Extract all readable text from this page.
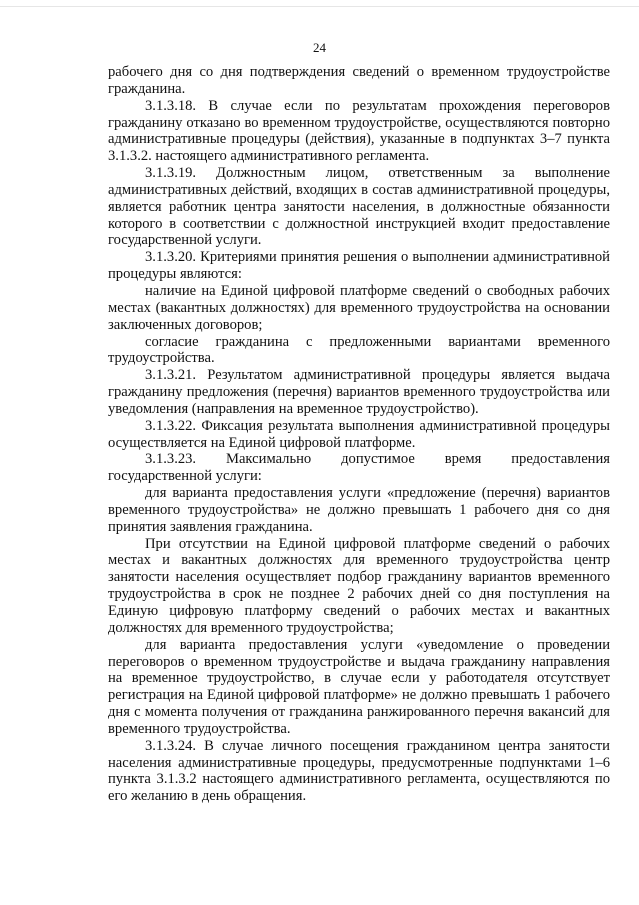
24

рабочего дня со дня подтверждения сведений о временном трудоустройстве гражданина.

3.1.3.18. В случае если по результатам прохождения переговоров гражданину отказано во временном трудоустройстве, осуществляются повторно административные процедуры (действия), указанные в подпунктах 3–7 пункта 3.1.3.2. настоящего административного регламента.

3.1.3.19. Должностным лицом, ответственным за выполнение административных действий, входящих в состав административной процедуры, является работник центра занятости населения, в должностные обязанности которого в соответствии с должностной инструкцией входит предоставление государственной услуги.

3.1.3.20. Критериями принятия решения о выполнении административной процедуры являются:

наличие на Единой цифровой платформе сведений о свободных рабочих местах (вакантных должностях) для временного трудоустройства на основании заключенных договоров;

согласие гражданина с предложенными вариантами временного трудоустройства.

3.1.3.21. Результатом административной процедуры является выдача гражданину предложения (перечня) вариантов временного трудоустройства или уведомления (направления на временное трудоустройство).

3.1.3.22. Фиксация результата выполнения административной процедуры осуществляется на Единой цифровой платформе.

3.1.3.23. Максимально допустимое время предоставления государственной услуги:

для варианта предоставления услуги «предложение (перечня) вариантов временного трудоустройства» не должно превышать 1 рабочего дня со дня принятия заявления гражданина.

При отсутствии на Единой цифровой платформе сведений о рабочих местах и вакантных должностях для временного трудоустройства центр занятости населения осуществляет подбор гражданину вариантов временного трудоустройства в срок не позднее 2 рабочих дней со дня поступления на Единую цифровую платформу сведений о рабочих местах и вакантных должностях для временного трудоустройства;

для варианта предоставления услуги «уведомление о проведении переговоров о временном трудоустройстве и выдача гражданину направления на временное трудоустройство, в случае если у работодателя отсутствует регистрация на Единой цифровой платформе» не должно превышать 1 рабочего дня с момента получения от гражданина ранжированного перечня вакансий для временного трудоустройства.

3.1.3.24. В случае личного посещения гражданином центра занятости населения административные процедуры, предусмотренные подпунктами 1–6 пункта 3.1.3.2 настоящего административного регламента, осуществляются по его желанию в день обращения.
